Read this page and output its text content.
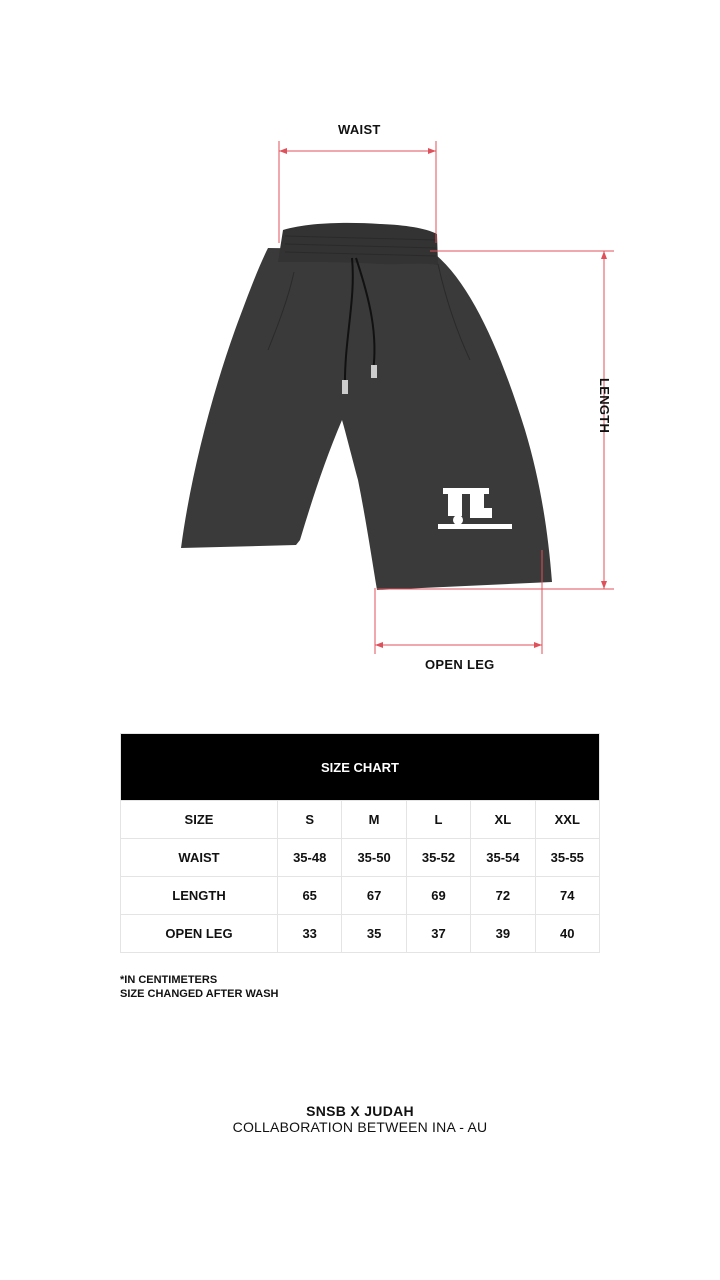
WAIST
LENGTH
OPEN LEG
SIZE CHART					
SIZE	S	M	L	XL	XXL
WAIST	35-48	35-50	35-52	35-54	35-55
LENGTH	65	67	69	72	74
OPEN LEG	33	35	37	39	40
*IN CENTIMETERS
SIZE CHANGED AFTER WASH
SNSB X JUDAH
COLLABORATION BETWEEN INA - AU
